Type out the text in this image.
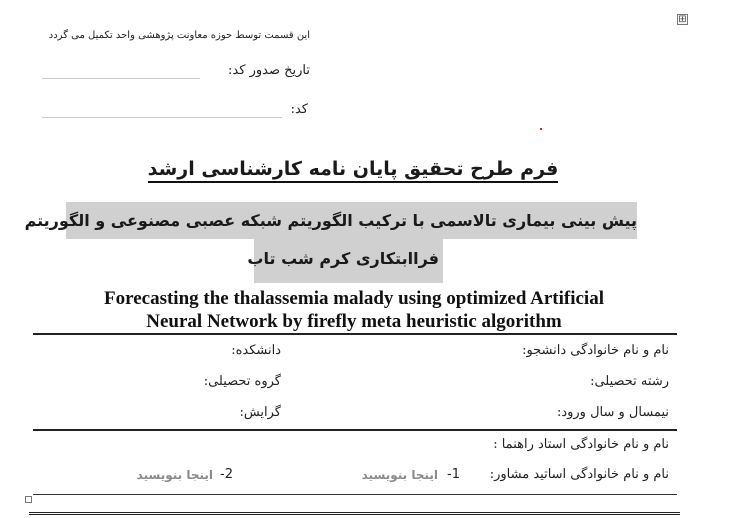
⊞
این قسمت توسط حوزه معاونت پژوهشی واحد تکمیل می گردد
تاریخ صدور کد:
کد:
فرم طرح تحقیق پایان نامه کارشناسی ارشد
پیش بینی بیماری تالاسمی با ترکیب الگوریتم شبکه عصبی مصنوعی و الگوریتم
فراابتکاری کرم شب تاب
Forecasting the thalassemia malady using optimized Artificial
Neural Network by firefly meta heuristic algorithm
نام و نام خانوادگی دانشجو:
دانشکده:
رشته تحصیلی:
گروه تحصیلی:
نیمسال و سال ورود:
گرایش:
نام و نام خانوادگی استاد راهنما :
نام و نام خانوادگی اساتید مشاور:
1-
اینجا بنویسید
2-
اینجا بنویسید
